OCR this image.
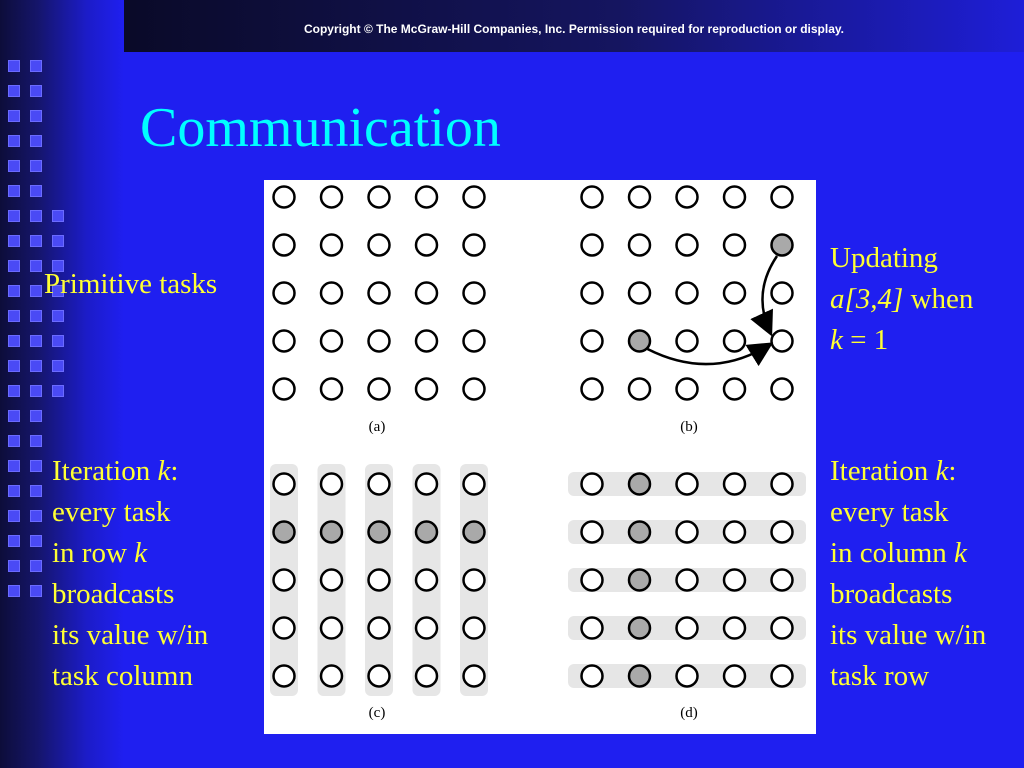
Copyright © The McGraw-Hill Companies, Inc. Permission required for reproduction or display.
Communication
Primitive tasks
Updating
a[3,4] when
k = 1
Iteration k:
every task
in row k
broadcasts
its value w/in
task column
Iteration k:
every task
in column k
broadcasts
its value w/in
task row
(a)	(b)
(c)	(d)
